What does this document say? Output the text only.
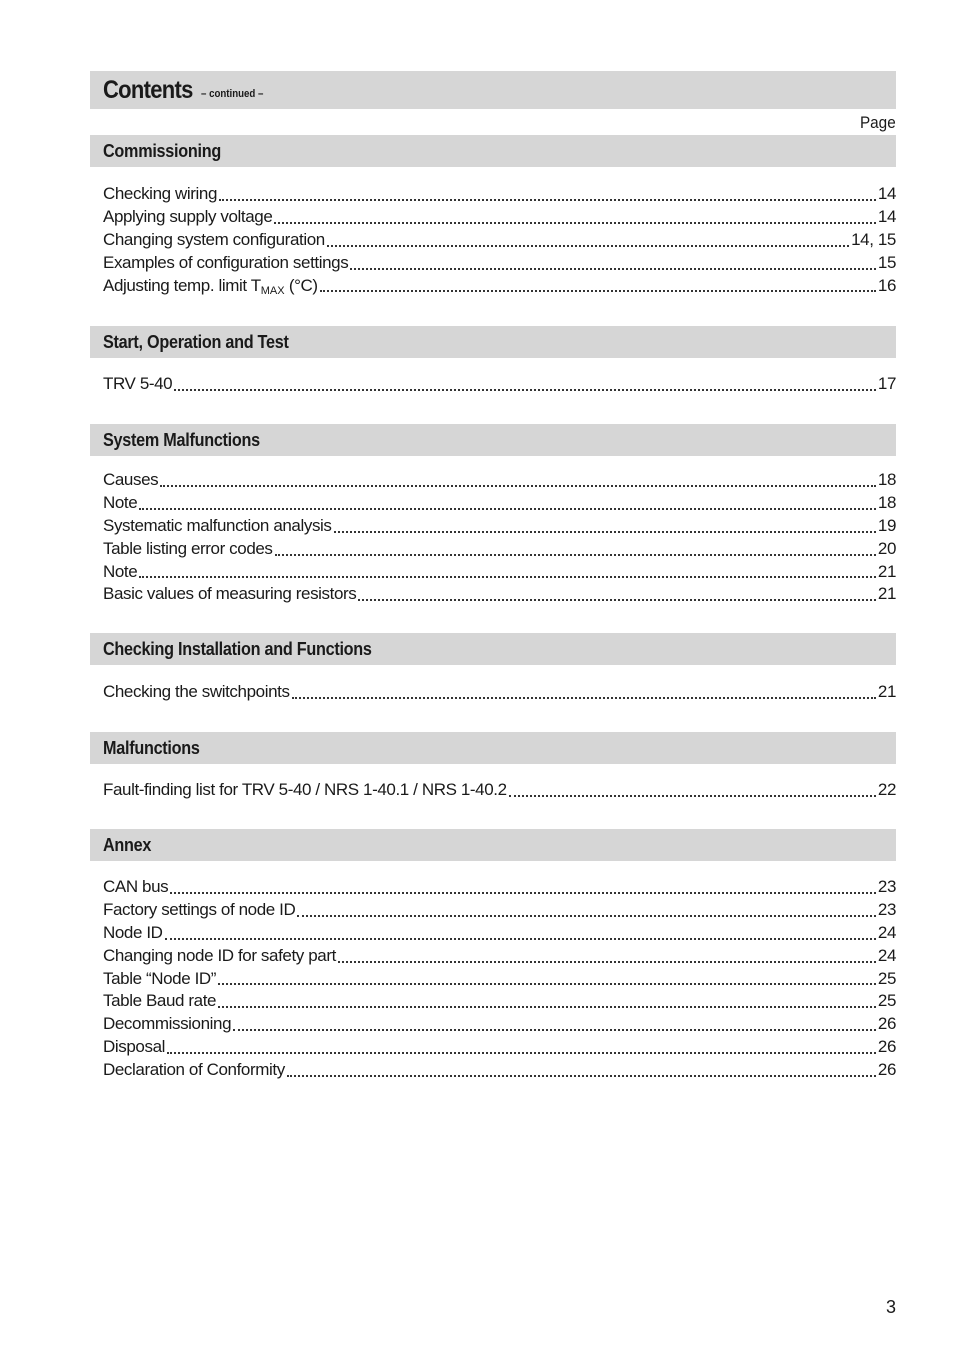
Contents – continued –
Page
Commissioning
Checking wiring	14
Applying supply voltage	14
Changing system configuration	14, 15
Examples of configuration settings	15
Adjusting temp. limit $T_{MAX}$ (°C)	16
Start, Operation and Test
TRV 5-40	17
System Malfunctions
Causes	18
Note	18
Systematic malfunction analysis	19
Table listing error codes	20
Note	21
Basic values of measuring resistors	21
Checking Installation and Functions
Checking the switchpoints	21
Malfunctions
Fault-finding list for TRV 5-40 / NRS 1-40.1 / NRS 1-40.2	22
Annex
CAN bus	23
Factory settings of node ID	23
Node ID	24
Changing node ID for safety part	24
Table “Node ID”	25
Table Baud rate	25
Decommissioning	26
Disposal	26
Declaration of Conformity	26
3
